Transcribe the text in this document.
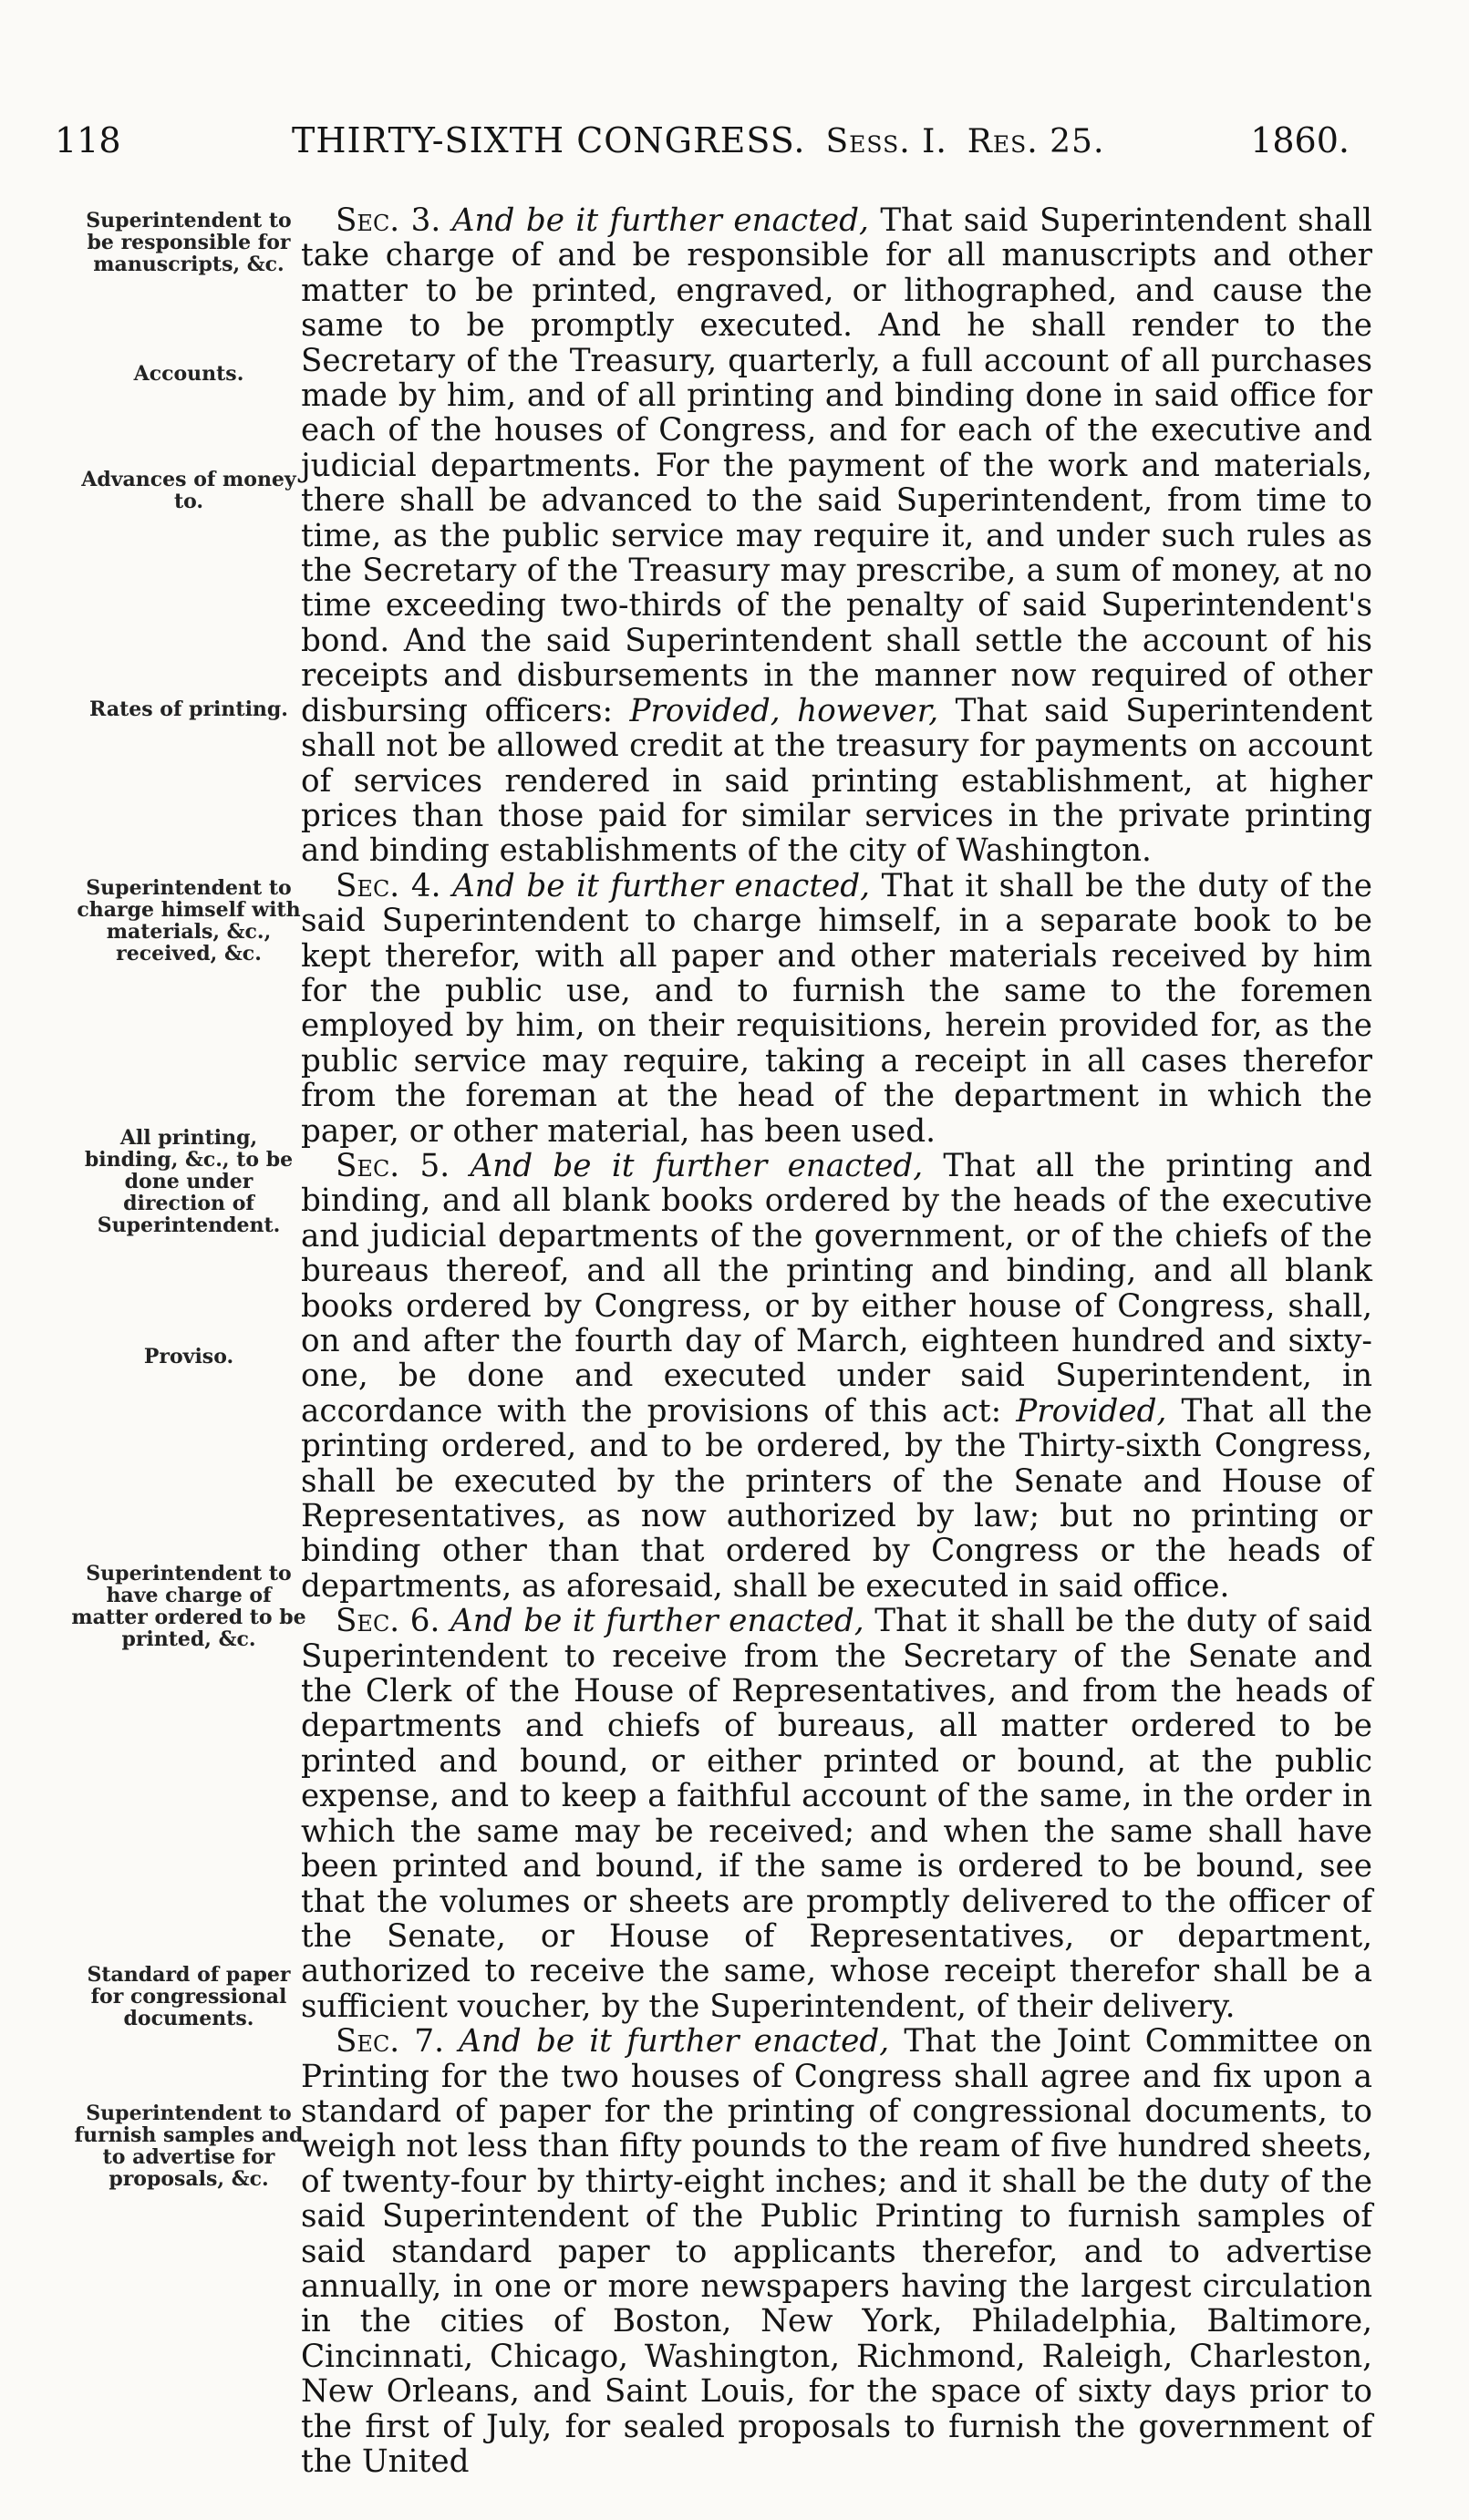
118	THIRTY-SIXTH CONGRESS. Sess. I. Res. 25.	1860.
Superintendent to be responsible for manuscripts, &c.
Accounts.
Advances of money to.
Rates of printing.
Superintendent to charge himself with materials, &c., received, &c.
All printing, binding, &c., to be done under direction of Superintendent.
Proviso.
Superintendent to have charge of matter ordered to be printed, &c.
Standard of paper for congressional documents.
Superintendent to furnish samples and to advertise for proposals, &c.

Sec. 3. And be it further enacted, That said Superintendent shall take charge of and be responsible for all manuscripts and other matter to be printed, engraved, or lithographed, and cause the same to be promptly executed. And he shall render to the Secretary of the Treasury, quarterly, a full account of all purchases made by him, and of all printing and binding done in said office for each of the houses of Congress, and for each of the executive and judicial departments. For the payment of the work and materials, there shall be advanced to the said Superintendent, from time to time, as the public service may require it, and under such rules as the Secretary of the Treasury may prescribe, a sum of money, at no time exceeding two-thirds of the penalty of said Superintendent's bond. And the said Superintendent shall settle the account of his receipts and disbursements in the manner now required of other disbursing officers: Provided, however, That said Superintendent shall not be allowed credit at the treasury for payments on account of services rendered in said printing establishment, at higher prices than those paid for similar services in the private printing and binding establishments of the city of Washington.

Sec. 4. And be it further enacted, That it shall be the duty of the said Superintendent to charge himself, in a separate book to be kept therefor, with all paper and other materials received by him for the public use, and to furnish the same to the foremen employed by him, on their requisitions, herein provided for, as the public service may require, taking a receipt in all cases therefor from the foreman at the head of the department in which the paper, or other material, has been used.

Sec. 5. And be it further enacted, That all the printing and binding, and all blank books ordered by the heads of the executive and judicial departments of the government, or of the chiefs of the bureaus thereof, and all the printing and binding, and all blank books ordered by Congress, or by either house of Congress, shall, on and after the fourth day of March, eighteen hundred and sixty-one, be done and executed under said Superintendent, in accordance with the provisions of this act: Provided, That all the printing ordered, and to be ordered, by the Thirty-sixth Congress, shall be executed by the printers of the Senate and House of Representatives, as now authorized by law; but no printing or binding other than that ordered by Congress or the heads of departments, as aforesaid, shall be executed in said office.

Sec. 6. And be it further enacted, That it shall be the duty of said Superintendent to receive from the Secretary of the Senate and the Clerk of the House of Representatives, and from the heads of departments and chiefs of bureaus, all matter ordered to be printed and bound, or either printed or bound, at the public expense, and to keep a faithful account of the same, in the order in which the same may be received; and when the same shall have been printed and bound, if the same is ordered to be bound, see that the volumes or sheets are promptly delivered to the officer of the Senate, or House of Representatives, or department, authorized to receive the same, whose receipt therefor shall be a sufficient voucher, by the Superintendent, of their delivery.

Sec. 7. And be it further enacted, That the Joint Committee on Printing for the two houses of Congress shall agree and fix upon a standard of paper for the printing of congressional documents, to weigh not less than fifty pounds to the ream of five hundred sheets, of twenty-four by thirty-eight inches; and it shall be the duty of the said Superintendent of the Public Printing to furnish samples of said standard paper to applicants therefor, and to advertise annually, in one or more newspapers having the largest circulation in the cities of Boston, New York, Philadelphia, Baltimore, Cincinnati, Chicago, Washington, Richmond, Raleigh, Charleston, New Orleans, and Saint Louis, for the space of sixty days prior to the first of July, for sealed proposals to furnish the government of the United
